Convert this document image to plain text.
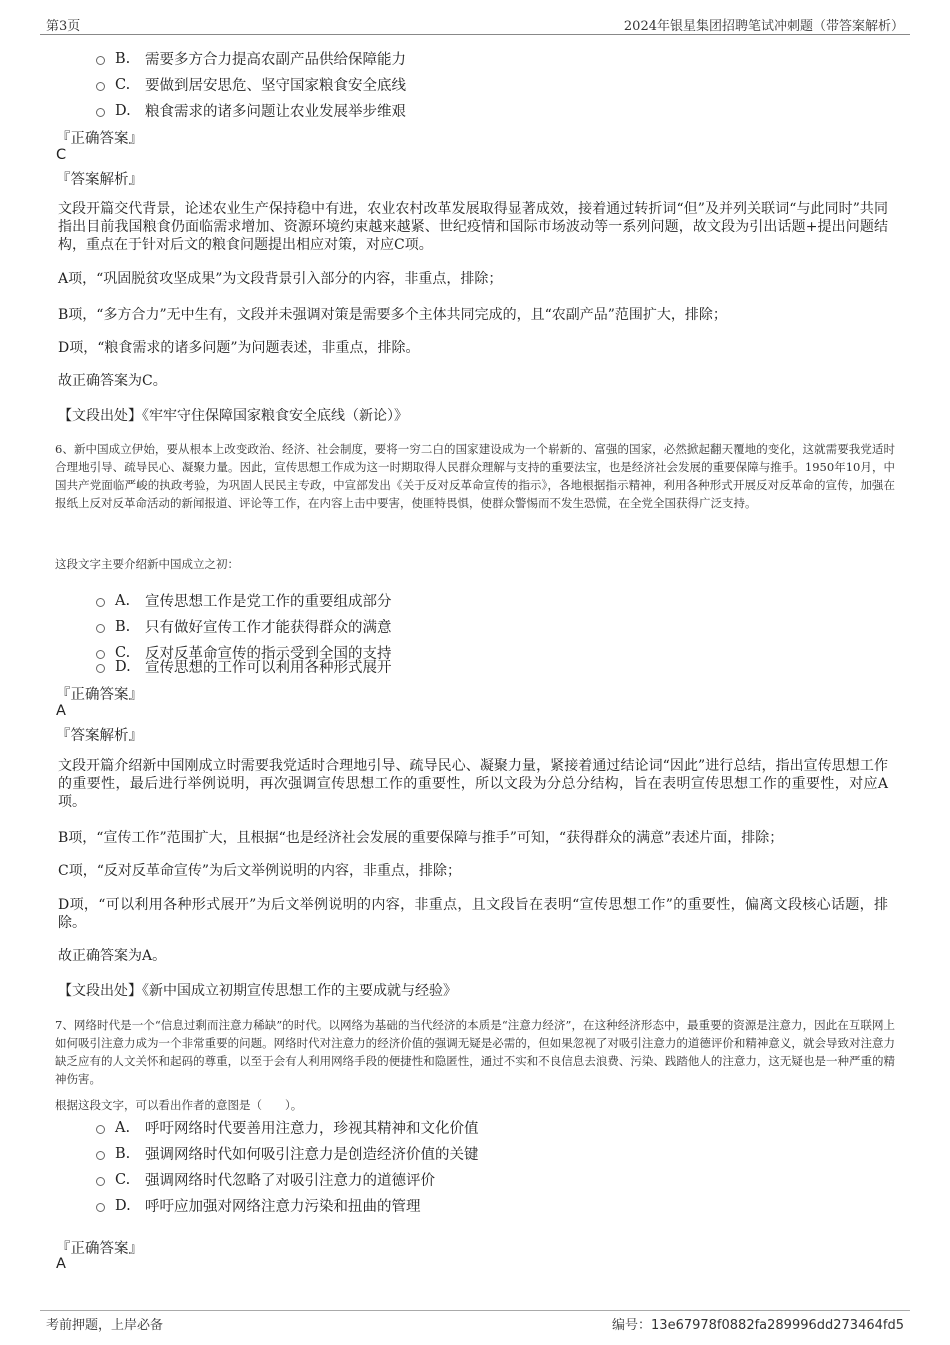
第3页	2024年银星集团招聘笔试冲刺题（带答案解析）
B.	需要多方合力提高农副产品供给保障能力
C.	要做到居安思危、坚守国家粮食安全底线
D. 粮食需求的诸多问题让农业发展举步维艰
『正确答案』
C
『答案解析』
文段开篇交代背景，论述农业生产保持稳中有进，农业农村改革发展取得显著成效，接着通过转折词“但”及并列关联词“与此同时”共同指出目前我国粮食仍面临需求增加、资源环境约束越来越紧、世纪疫情和国际市场波动等一系列问题，故文段为引出话题+提出问题结构，重点在于针对后文的粮食问题提出相应对策，对应C项。
A项，“巩固脱贫攻坚成果”为文段背景引入部分的内容，非重点，排除；
B项，“多方合力”无中生有，文段并未强调对策是需要多个主体共同完成的，且“农副产品”范围扩大，排除；
D项，“粮食需求的诸多问题”为问题表述，非重点，排除。
故正确答案为C。
【文段出处】《牢牢守住保障国家粮食安全底线（新论）》
6、新中国成立伊始，要从根本上改变政治、经济、社会制度，要将一穷二白的国家建设成为一个崭新的、富强的国家，必然掀起翻天覆地的变化，这就需要我党适时合理地引导、疏导民心、凝聚力量。因此，宣传思想工作成为这一时期取得人民群众理解与支持的重要法宝，也是经济社会发展的重要保障与推手。1950年10月，中国共产党面临严峻的执政考验，为巩固人民民主专政，中宣部发出《关于反对反革命宣传的指示》，各地根据指示精神，利用各种形式开展反对反革命的宣传，加强在报纸上反对反革命活动的新闻报道、评论等工作，在内容上击中要害，使匪特畏惧，使群众警惕而不发生恐慌，在全党全国获得广泛支持。
这段文字主要介绍新中国成立之初：
A.	宣传思想工作是党工作的重要组成部分
B.	只有做好宣传工作才能获得群众的满意
C.	反对反革命宣传的指示受到全国的支持
D. 宣传思想的工作可以利用各种形式展开
『正确答案』
A
『答案解析』
文段开篇介绍新中国刚成立时需要我党适时合理地引导、疏导民心、凝聚力量，紧接着通过结论词“因此”进行总结，指出宣传思想工作的重要性，最后进行举例说明，再次强调宣传思想工作的重要性，所以文段为分总分结构，旨在表明宣传思想工作的重要性，对应A项。
B项，“宣传工作”范围扩大，且根据“也是经济社会发展的重要保障与推手”可知，“获得群众的满意”表述片面，排除；
C项，“反对反革命宣传”为后文举例说明的内容，非重点，排除；
D项，“可以利用各种形式展开”为后文举例说明的内容，非重点，且文段旨在表明“宣传思想工作”的重要性，偏离文段核心话题，排除。
故正确答案为A。
【文段出处】《新中国成立初期宣传思想工作的主要成就与经验》
7、网络时代是一个“信息过剩而注意力稀缺”的时代。以网络为基础的当代经济的本质是“注意力经济”，在这种经济形态中，最重要的资源是注意力，因此在互联网上如何吸引注意力成为一个非常重要的问题。网络时代对注意力的经济价值的强调无疑是必需的，但如果忽视了对吸引注意力的道德评价和精神意义，就会导致对注意力缺乏应有的人文关怀和起码的尊重，以至于会有人利用网络手段的便捷性和隐匿性，通过不实和不良信息去浪费、污染、践踏他人的注意力，这无疑也是一种严重的精神伤害。
根据这段文字，可以看出作者的意图是（　　）。
A.	呼吁网络时代要善用注意力，珍视其精神和文化价值
B.	强调网络时代如何吸引注意力是创造经济价值的关键
C.	强调网络时代忽略了对吸引注意力的道德评价
D. 呼吁应加强对网络注意力污染和扭曲的管理
『正确答案』
A
考前押题，上岸必备	编号：13e67978f0882fa289996dd273464fd5
